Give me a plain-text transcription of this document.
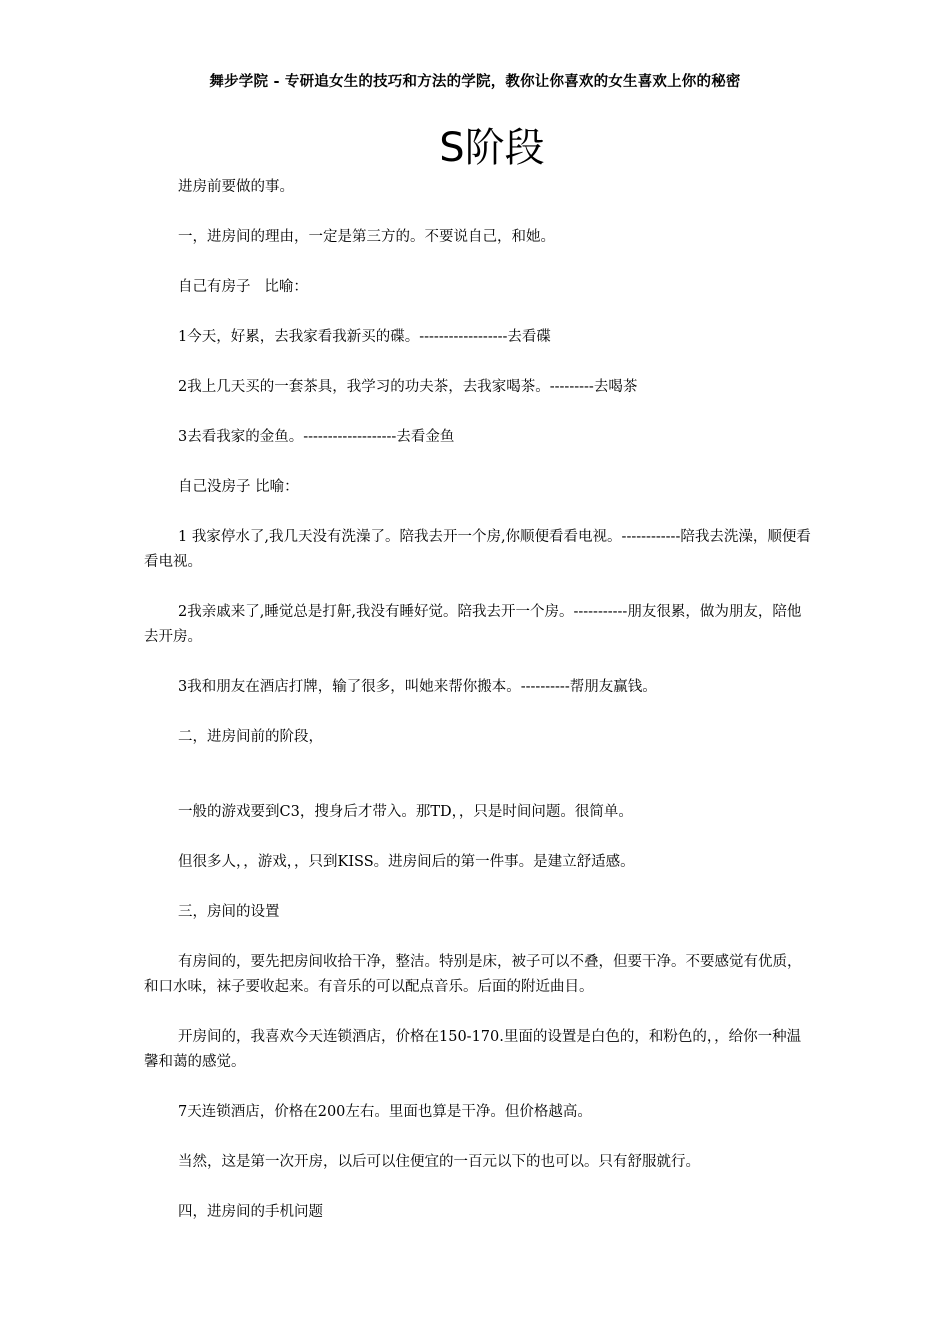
舞步学院 - 专研追女生的技巧和方法的学院，教你让你喜欢的女生喜欢上你的秘密
S阶段

进房前要做的事。

一，进房间的理由，一定是第三方的。不要说自己，和她。

自己有房子   比喻：

1今天，好累，去我家看我新买的碟。------------------去看碟

2我上几天买的一套茶具，我学习的功夫茶，去我家喝茶。---------去喝茶

3去看我家的金鱼。-------------------去看金鱼

自己没房子 比喻：

1 我家停水了,我几天没有洗澡了。陪我去开一个房,你顺便看看电视。------------陪我去洗澡，顺便看看电视。

2我亲戚来了,睡觉总是打鼾,我没有睡好觉。陪我去开一个房。-----------朋友很累，做为朋友，陪他去开房。

3我和朋友在酒店打牌，输了很多，叫她来帮你搬本。----------帮朋友赢钱。

二，进房间前的阶段，

一般的游戏要到C3，搜身后才带入。那TD，，只是时间问题。很简单。

但很多人，，游戏，，只到KISS。进房间后的第一件事。是建立舒适感。

三，房间的设置

有房间的，要先把房间收拾干净，整洁。特别是床，被子可以不叠，但要干净。不要感觉有优质，和口水味，袜子要收起来。有音乐的可以配点音乐。后面的附近曲目。

开房间的，我喜欢今天连锁酒店，价格在150-170.里面的设置是白色的，和粉色的，，给你一种温馨和蔼的感觉。

7天连锁酒店，价格在200左右。里面也算是干净。但价格越高。

当然，这是第一次开房，以后可以住便宜的一百元以下的也可以。只有舒服就行。

四，进房间的手机问题
